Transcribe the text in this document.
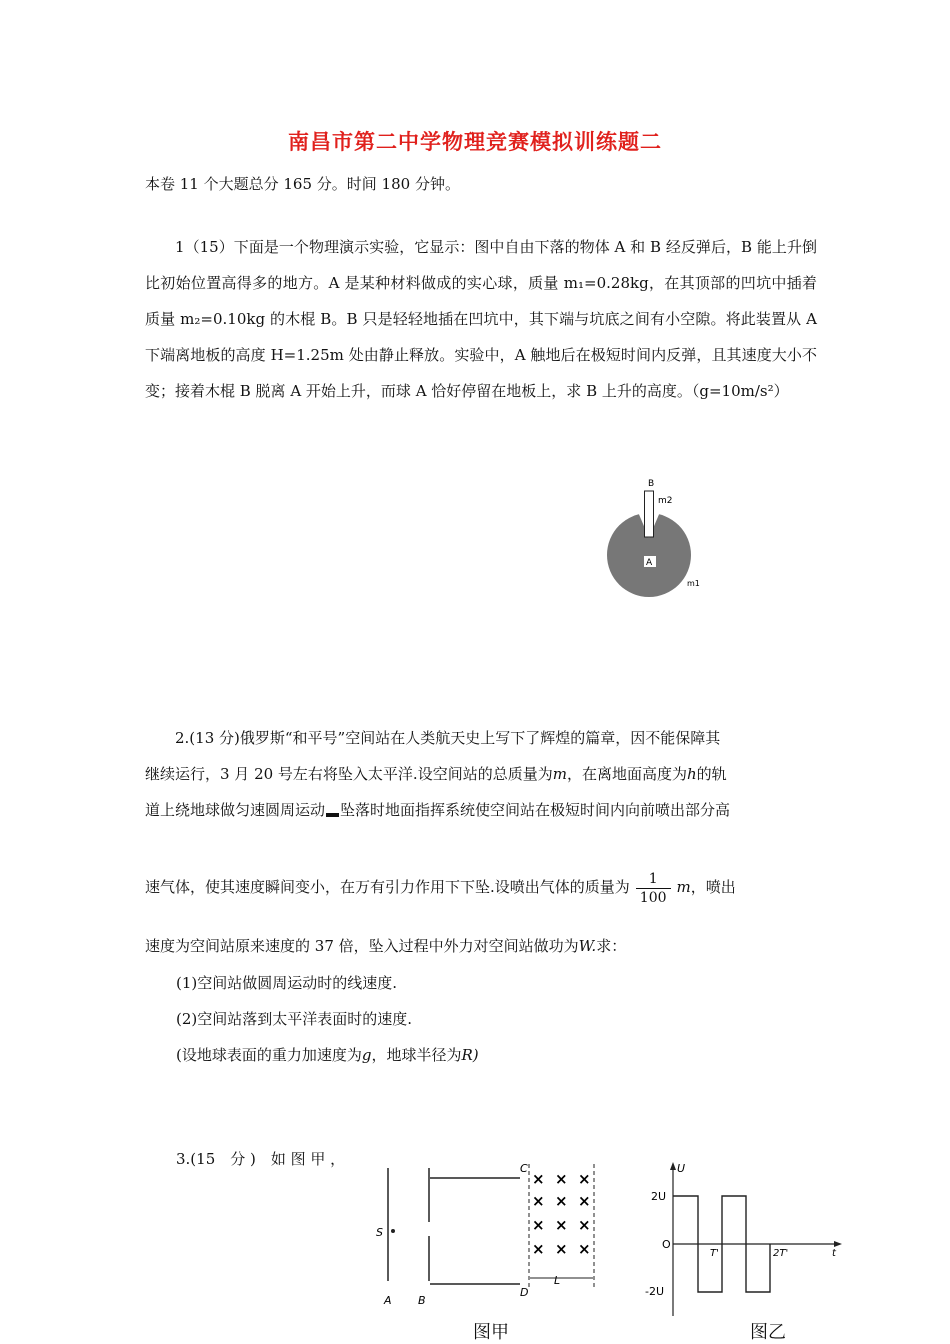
南昌市第二中学物理竞赛模拟训练题二
本卷 11 个大题总分 165 分。时间 180 分钟。
1（15）下面是一个物理演示实验，它显示：图中自由下落的物体 A 和 B 经反弹后，B 能上升倒比初始位置高得多的地方。A 是某种材料做成的实心球，质量 m₁=0.28kg，在其顶部的凹坑中插着质量 m₂=0.10kg 的木棍 B。B 只是轻轻地插在凹坑中，其下端与坑底之间有小空隙。将此装置从 A 下端离地板的高度 H=1.25m 处由静止释放。实验中，A 触地后在极短时间内反弹，且其速度大小不变；接着木棍 B 脱离 A 开始上升，而球 A 恰好停留在地板上，求 B 上升的高度。（g=10m/s²）
B
m2
A
m1
2.(13 分)俄罗斯“和平号”空间站在人类航天史上写下了辉煌的篇章，因不能保障其
继续运行，3 月 20 号左右将坠入太平洋.设空间站的总质量为m，在离地面高度为h的轨
道上绕地球做匀速圆周运动 坠落时地面指挥系统使空间站在极短时间内向前喷出部分高
速气体，使其速度瞬间变小，在万有引力作用下下坠.设喷出气体的质量为 $\frac{1}{100}$ m，喷出
速度为空间站原来速度的 37 倍，坠入过程中外力对空间站做功为W.求：
(1)空间站做圆周运动时的线速度.
(2)空间站落到太平洋表面时的速度.
(设地球表面的重力加速度为g，地球半径为R)
3.(15　分 )　如 图 甲 ，
S
A B
C
D
× × ×
× × ×
× × ×
× × ×
L
图甲
U
t
O
2U
-2U
T'	2T'
图乙
